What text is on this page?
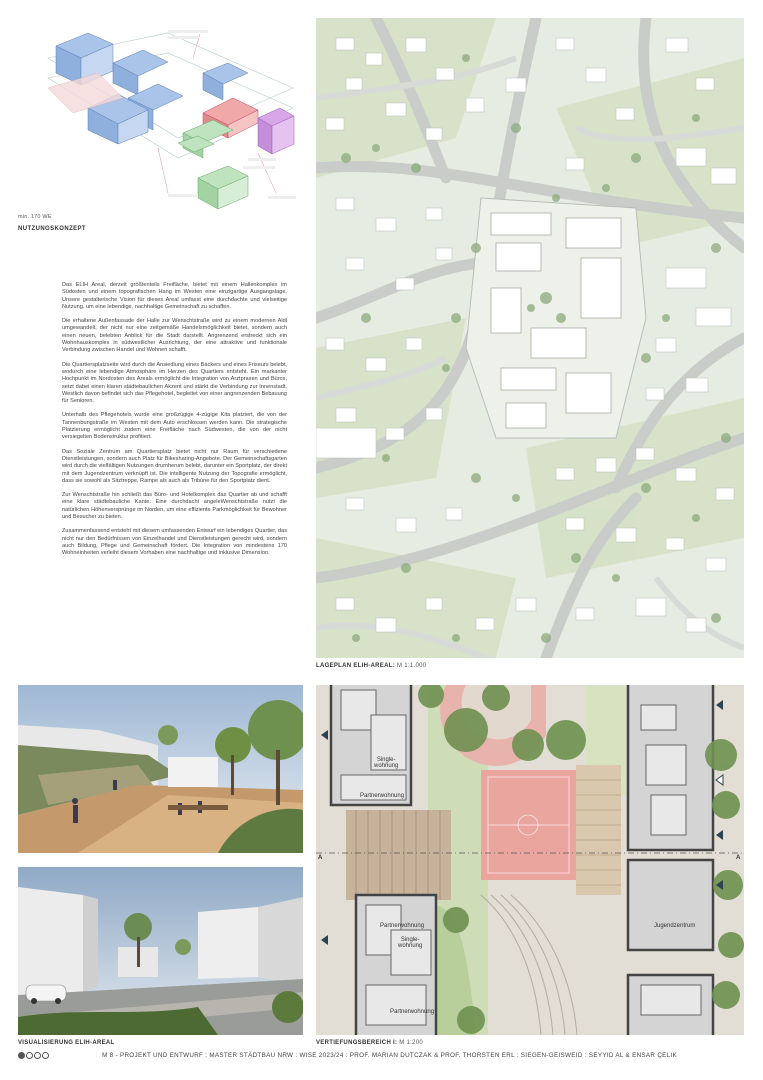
min. 170 WE
NUTZUNGSKONZEPT

Das ELIH Areal, derzeit größtenteils Freifläche, bietet mit einem Hallenkomplex im Südosten und einem topografischen Hang im Westen eine einzigartige Ausgangslage. Unsere gestalterische Vision für dieses Areal umfasst eine durchdachte und vielseitige Nutzung, um eine lebendige, nachhaltige Gemeinschaft zu schaffen.

Die erhaltene Außenfassade der Halle zur Wenschtstraße wird zu einem modernen Aldi umgewandelt, der nicht nur eine zeitgemäße Handelsmöglichkeit bietet, sondern auch einen neuen, belebten Anblick für die Stadt darstellt. Angrenzend erstreckt sich ein Wohnhauskomplex in südwestlicher Ausrichtung, der eine attraktive und funktionale Verbindung zwischen Handel und Wohnen schafft.

Die Quartiersplatzseite wird durch die Ansiedlung eines Bäckers und eines Friseurs belebt, wodurch eine lebendige Atmosphäre im Herzen des Quartiers entsteht. Ein markanter Hochpunkt im Nordosten des Areals ermöglicht die Integration von Arztpraxen und Büros, setzt dabei einen klaren städtebaulichen Akzent und stärkt die Verbindung zur Innenstadt. Westlich davon befindet sich das Pflegehotel, begleitet von einer angrenzenden Bebauung für Senioren.

Unterhalb des Pflegehotels wurde eine großzügige 4-zügige Kita platziert, die von der Tannenbungstraße im Westen mit dem Auto erschlossen werden kann. Die strategische Platzierung ermöglicht zudem eine Freifläche nach Südwesten, die von der nicht versiegelten Bodenstruktur profitiert.

Das Soziale Zentrum am Quartiersplatz bietet nicht nur Raum für verschiedene Dienstleistungen, sondern auch Platz für Bikesharing-Angebote. Der Gemeinschaftsgarten wird durch die vielfältigen Nutzungen drumherum belebt, darunter ein Sportplatz, der direkt mit dem Jugendzentrum verknüpft ist. Die intelligente Nutzung der Topografie ermöglicht, dass sie sowohl als Sitztreppe, Rampe als auch als Tribüne für den Sportplatz dient.

Zur Wenschtstraße hin schließt das Büro- und Hotelkomplex das Quartier ab und schafft eine klare städtebauliche Kante. Eine durchdacht angeleWenschtstraße nutzt die natürlichen Höhenversprünge im Norden, um eine effiziente Parkmöglichkeit für Bewohner und Besucher zu bieten.

Zusammenfassend entsteht mit diesem umfassenden Entwurf ein lebendiges Quartier, das nicht nur den Bedürfnissen von Einzelhandel und Dienstleistungen gerecht wird, sondern auch Bildung, Pflege und Gemeinschaft fördert. Die Integration von mindestens 170 Wohneinheiten verleiht diesem Vorhaben eine nachhaltige und inklusive Dimension.

LAGEPLAN ELIH-AREAL: M 1:1.000
VISUALISIERUNG ELIH-AREAL
Single-
wohnung
Partnerwohnung
Partnerwohnung
Single-
wohnung
Partnerwohnung
Jugendzentrum
A	A
VERTIEFUNGSBEREICH I: M 1:200
M 8 - PROJEKT UND ENTWURF : MASTER STÄDTBAU NRW : WISE 2023/24 : PROF. MARIAN DUTCZAK & PROF. THORSTEN ERL : SIEGEN-GEISWEID : SEYYID AL & ENSAR ÇELIK
